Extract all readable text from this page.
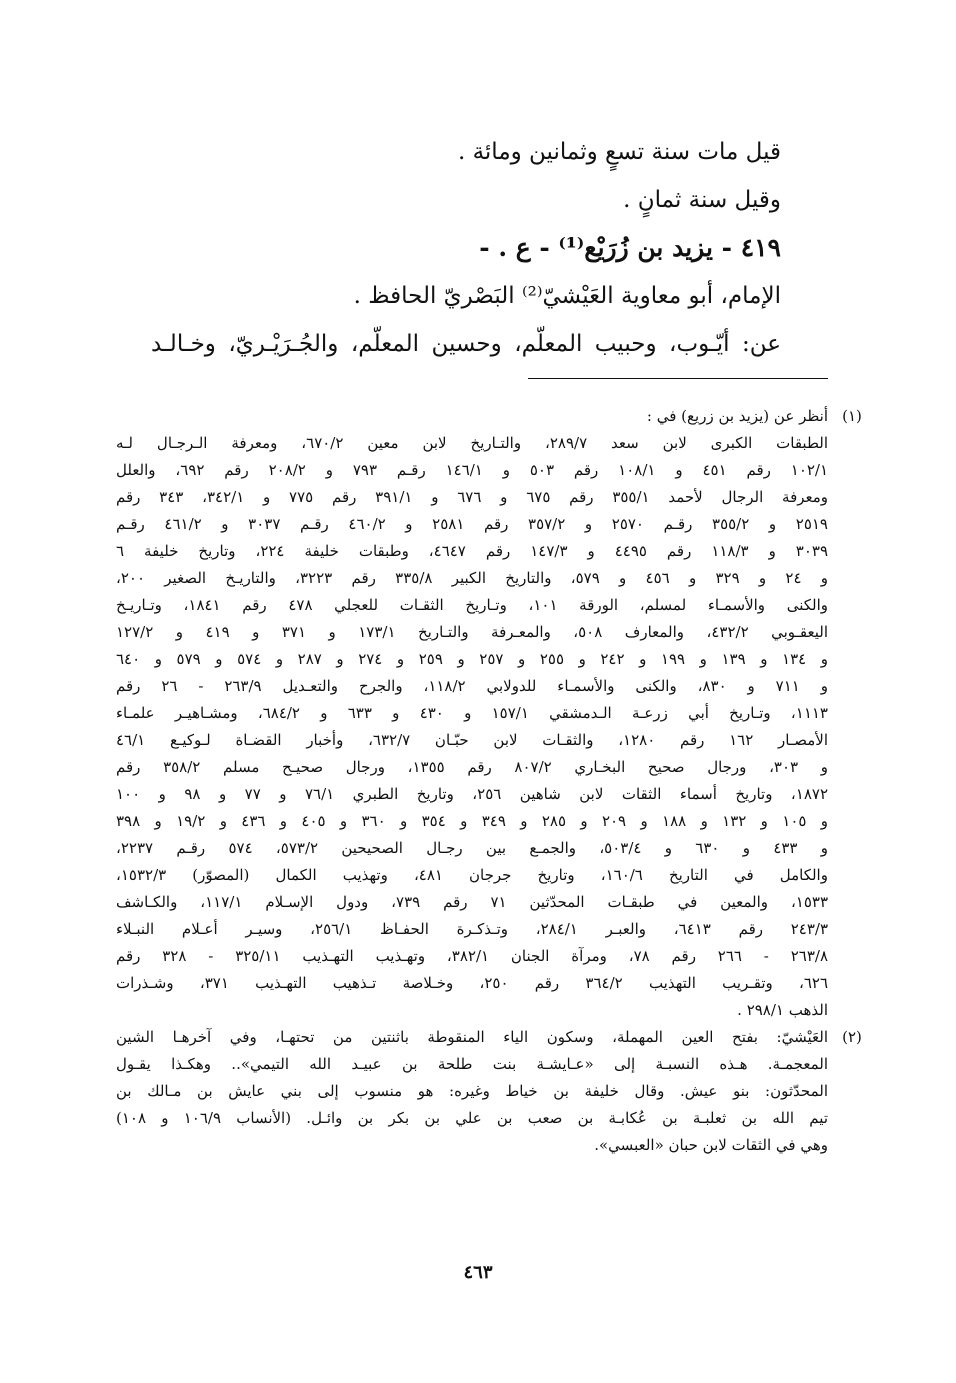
قيل مات سنة تسعٍ وثمانين ومائة .
وقيل سنة ثمانٍ .
٤١٩ - يزيد بن زُرَيْع⁽¹⁾ - ع . -
الإمام، أبو معاوية العَيْشيّ⁽²⁾ البَصْريّ الحافظ .
عن: أيّـوب، وحبيب المعلّم، وحسين المعلّم، والجُـرَيْـريّ، وخـالـد
(١)
أنظر عن (يزيد بن زريع) في :
الطبقات الكبرى لابن سعد ٢٨٩/٧، والتـاريخ لابن معين ٦٧٠/٢، ومعرفة الـرجـال لـه
١٠٢/١ رقم ٤٥١ و ١٠٨/١ رقم ٥٠٣ و ١٤٦/١ رقـم ٧٩٣ و ٢٠٨/٢ رقم ٦٩٢، والعلل
ومعرفة الرجال لأحمد ٣٥٥/١ رقم ٦٧٥ و ٦٧٦ و ٣٩١/١ رقم ٧٧٥ و ٣٤٢/١، ٣٤٣ رقم
٢٥١٩ و ٣٥٥/٢ رقـم ٢٥٧٠ و ٣٥٧/٢ رقم ٢٥٨١ و ٤٦٠/٢ رقـم ٣٠٣٧ و ٤٦١/٢ رقـم
٣٠٣٩ و ١١٨/٣ رقم ٤٤٩٥ و ١٤٧/٣ رقم ٤٦٤٧، وطبقات خليفة ٢٢٤، وتاريخ خليفة ٦
و ٢٤ و ٣٢٩ و ٤٥٦ و ٥٧٩، والتاريخ الكبير ٣٣٥/٨ رقم ٣٢٢٣، والتاريـخ الصغير ٢٠٠،
والكنى والأسمـاء لمسلم، الورقة ١٠١، وتـاريخ الثقـات للعجلي ٤٧٨ رقم ١٨٤١، وتـاريـخ
اليعقـوبي ٤٣٢/٢، والمعارف ٥٠٨، والمعـرفة والتـاريخ ١٧٣/١ و ٣٧١ و ٤١٩ و ١٢٧/٢
و ١٣٤ و ١٣٩ و ١٩٩ و ٢٤٢ و ٢٥٥ و ٢٥٧ و ٢٥٩ و ٢٧٤ و ٢٨٧ و ٥٧٤ و ٥٧٩ و ٦٤٠
و ٧١١ و ٨٣٠، والكنى والأسمـاء للدولابي ١١٨/٢، والجرح والتعـديل ٢٦٣/٩ - ٢٦ رقم
١١١٣، وتـاريخ أبي زرعـة الـدمشقي ١٥٧/١ و ٤٣٠ و ٦٣٣ و ٦٨٤/٢، ومشـاهيـر علمـاء
الأمصـار ١٦٢ رقم ١٢٨٠، والثقـات لابن حبّـان ٦٣٢/٧، وأخبار القضـاة لـوكيـع ٤٦/١
و ٣٠٣، ورجال صحيح البخـاري ٨٠٧/٢ رقم ١٣٥٥، ورجال صحيـح مسلم ٣٥٨/٢ رقم
١٨٧٢، وتاريخ أسماء الثقات لابن شاهين ٢٥٦، وتاريخ الطبري ٧٦/١ و ٧٧ و ٩٨ و ١٠٠
و ١٠٥ و ١٣٢ و ١٨٨ و ٢٠٩ و ٢٨٥ و ٣٤٩ و ٣٥٤ و ٣٦٠ و ٤٠٥ و ٤٣٦ و ١٩/٢ و ٣٩٨
و ٤٣٣ و ٦٣٠ و ٥٠٣/٤، والجمـع بين رجـال الصحيحين ٥٧٣/٢، ٥٧٤ رقـم ٢٢٣٧،
والكامل في التاريخ ١٦٠/٦، وتاريخ جرجان ٤٨١، وتهذيب الكمال (المصوّر) ١٥٣٢/٣،
١٥٣٣، والمعين في طبقـات المحدّثين ٧١ رقم ٧٣٩، ودول الإسـلام ١١٧/١، والكـاشف
٢٤٣/٣ رقم ٦٤١٣، والعبـر ٢٨٤/١، وتـذكـرة الحفـاظ ٢٥٦/١، وسيـر أعـلام النبـلاء
٢٦٣/٨ - ٢٦٦ رقم ٧٨، ومرآة الجنان ٣٨٢/١، وتهـذيب التهـذيب ٣٢٥/١١ - ٣٢٨ رقم
٦٢٦، وتقـريب التهذيب ٣٦٤/٢ رقم ٢٥٠، وخـلاصة تـذهيب التهـذيب ٣٧١، وشـذرات
الذهب ٢٩٨/١ .
(٢)
العَيْشيّ: بفتح العين المهملة، وسكون الياء المنقوطة باثنتين من تحتهـا، وفي آخرهـا الشين
المعجمـة. هـذه النسبـة إلى «عـايشـة بنت طلحة بن عبيـد الله التيمي».. وهكـذا يقـول
المحدّثون: بنو عيش. وقال خليفة بن خياط وغيره: هو منسوب إلى بني عايش بن مـالك بن
تيم الله بن ثعلبـة بن عُكابـة بن صعب بن علي بن بكر بن وائـل. (الأنساب ١٠٦/٩ و ١٠٨)
وهي في الثقات لابن حبان «العبسي».
٤٦٣
